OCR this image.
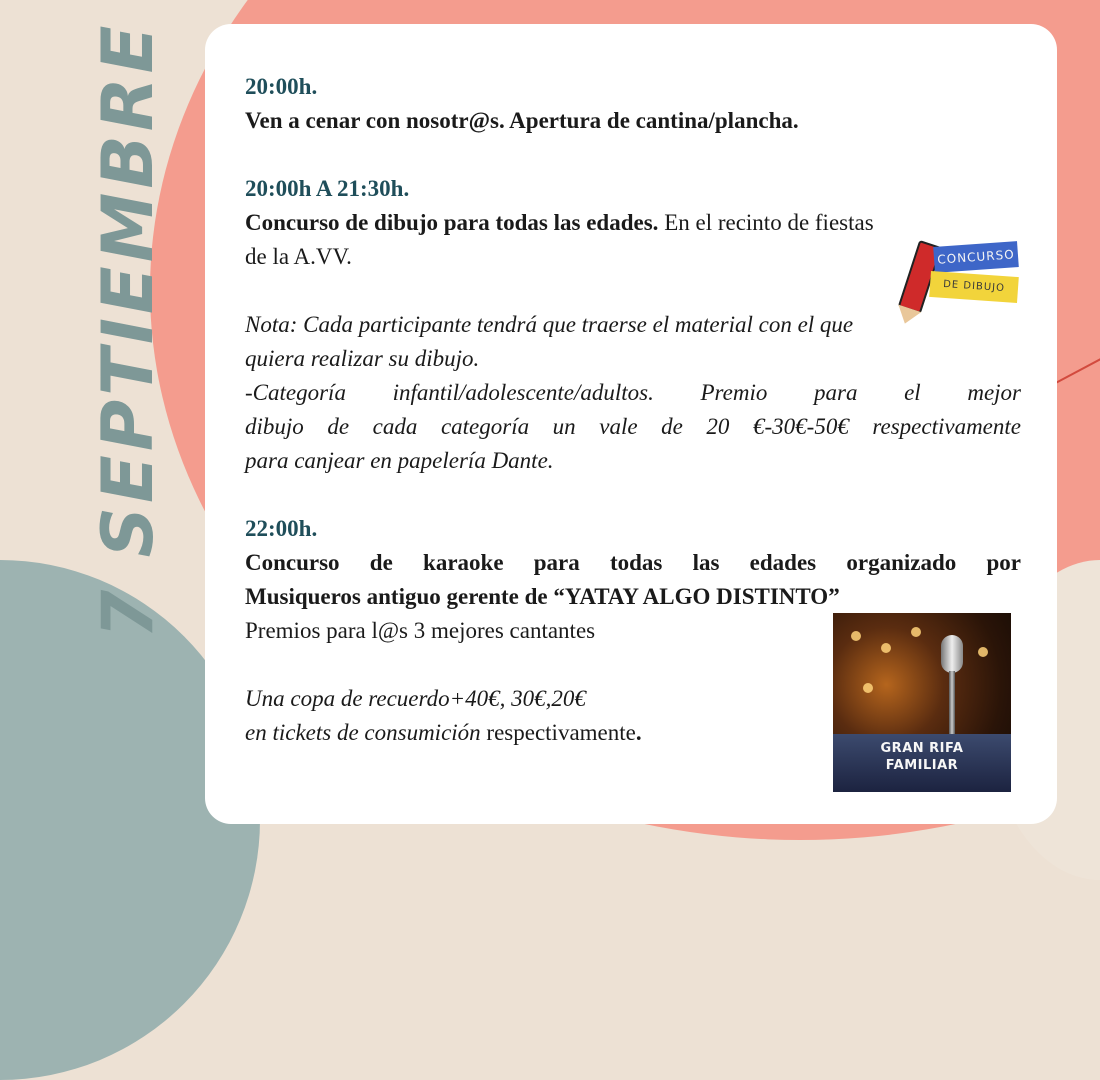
7 SEPTIEMBRE	20:00h.

Ven a cenar con nosotr@s. Apertura de cantina/plancha.

20:00h A 21:30h.

Concurso de dibujo para todas las edades. En el recinto de fiestas

de la A.VV.

Nota: Cada participante tendrá que traerse el material con el que

quiera realizar su dibujo.

-Categoría infantil/adolescente/adultos. Premio para el mejor

dibujo de cada categoría un vale de 20 €-30€-50€ respectivamente

para canjear en papelería Dante.

22:00h.

Concurso de karaoke para todas las edades organizado por

Musiqueros antiguo gerente de “YATAY ALGO DISTINTO”

Premios para l@s 3 mejores cantantes

Una copa de recuerdo+40€, 30€,20€

en tickets de consumición respectivamente.

CONCURSO
DE DIBUJO
GRAN RIFA
FAMILIAR
